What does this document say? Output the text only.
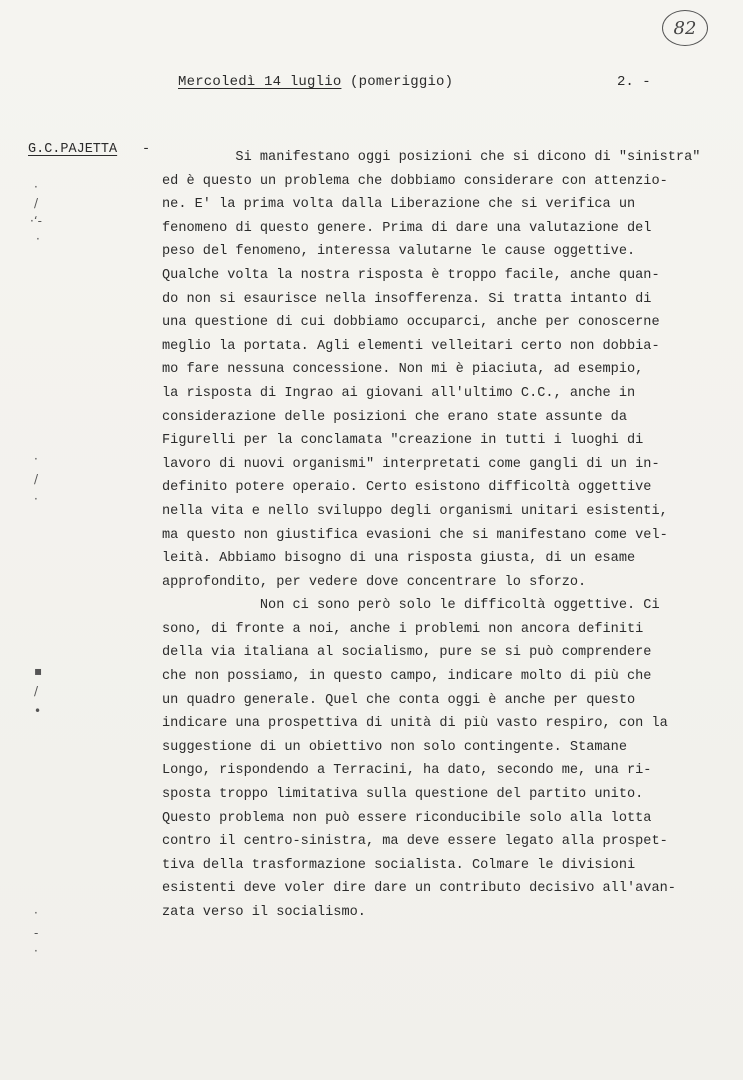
82
Mercoledì 14 luglio (pomeriggio)	2. -
G.C.PAJETTA -
Si manifestano oggi posizioni che si dicono di "sinistra"
ed è questo un problema che dobbiamo considerare con attenzio-
ne. E' la prima volta dalla Liberazione che si verifica un
fenomeno di questo genere. Prima di dare una valutazione del
peso del fenomeno, interessa valutarne le cause oggettive.
Qualche volta la nostra risposta è troppo facile, anche quan-
do non si esaurisce nella insofferenza. Si tratta intanto di
una questione di cui dobbiamo occuparci, anche per conoscerne
meglio la portata. Agli elementi velleitari certo non dobbia-
mo fare nessuna concessione. Non mi è piaciuta, ad esempio,
la risposta di Ingrao ai giovani all'ultimo C.C., anche in
considerazione delle posizioni che erano state assunte da
Figurelli per la conclamata "creazione in tutti i luoghi di
lavoro di nuovi organismi" interpretati come gangli di un in-
definito potere operaio. Certo esistono difficoltà oggettive
nella vita e nello sviluppo degli organismi unitari esistenti,
ma questo non giustifica evasioni che si manifestano come vel-
leità. Abbiamo bisogno di una risposta giusta, di un esame
approfondito, per vedere dove concentrare lo sforzo.
Non ci sono però solo le difficoltà oggettive. Ci
sono, di fronte a noi, anche i problemi non ancora definiti
della via italiana al socialismo, pure se si può comprendere
che non possiamo, in questo campo, indicare molto di più che
un quadro generale. Quel che conta oggi è anche per questo
indicare una prospettiva di unità di più vasto respiro, con la
suggestione di un obiettivo non solo contingente. Stamane
Longo, rispondendo a Terracini, ha dato, secondo me, una ri-
sposta troppo limitativa sulla questione del partito unito.
Questo problema non può essere riconducibile solo alla lotta
contro il centro-sinistra, ma deve essere legato alla prospet-
tiva della trasformazione socialista. Colmare le divisioni
esistenti deve voler dire dare un contributo decisivo all'avan-
zata verso il socialismo.
·
/
·‘-
·
·
/
·
▪
/
•
·
-
·
